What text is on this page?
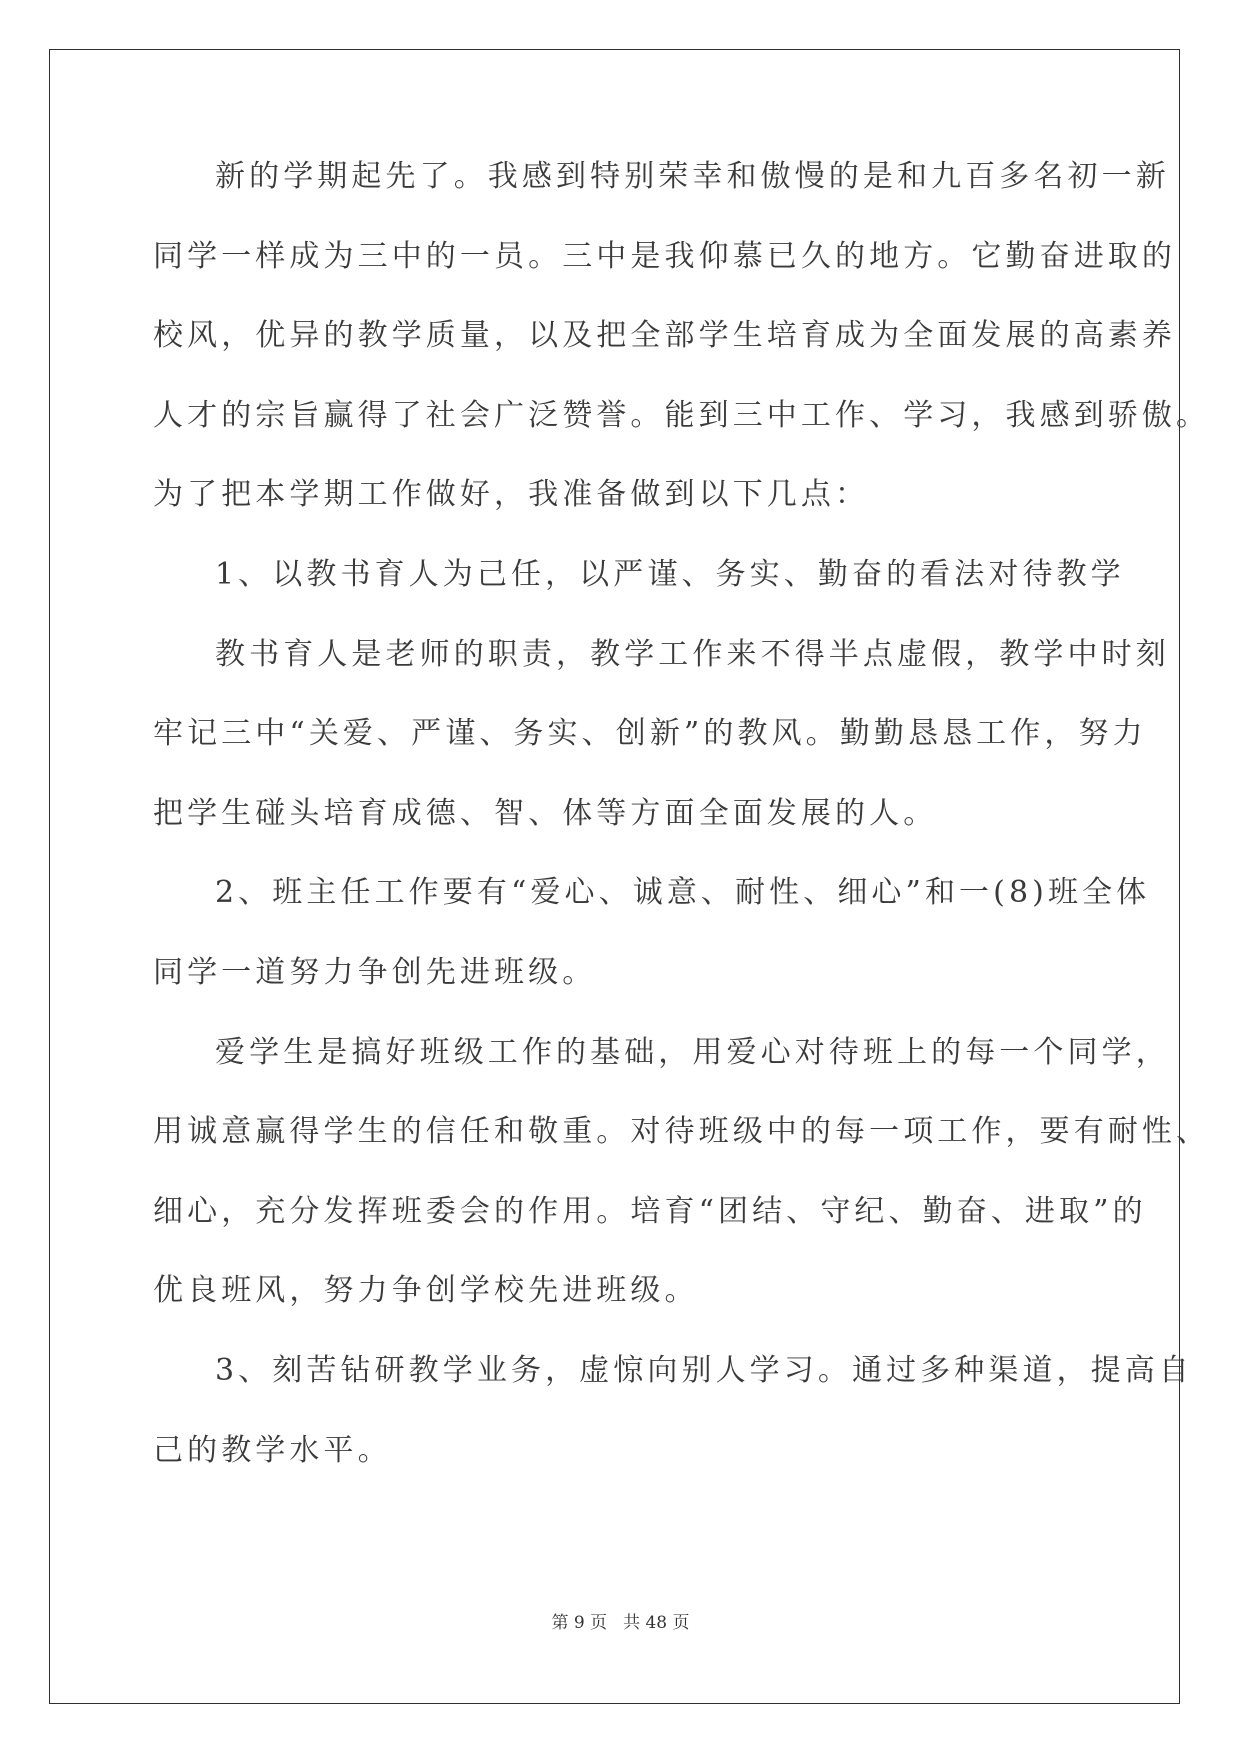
新的学期起先了。我感到特别荣幸和傲慢的是和九百多名初一新
同学一样成为三中的一员。三中是我仰慕已久的地方。它勤奋进取的
校风，优异的教学质量，以及把全部学生培育成为全面发展的高素养
人才的宗旨赢得了社会广泛赞誉。能到三中工作、学习，我感到骄傲。
为了把本学期工作做好，我准备做到以下几点：
1、以教书育人为己任，以严谨、务实、勤奋的看法对待教学
教书育人是老师的职责，教学工作来不得半点虚假，教学中时刻
牢记三中“关爱、严谨、务实、创新”的教风。勤勤恳恳工作，努力
把学生碰头培育成德、智、体等方面全面发展的人。
2、班主任工作要有“爱心、诚意、耐性、细心”和一(8)班全体
同学一道努力争创先进班级。
爱学生是搞好班级工作的基础，用爱心对待班上的每一个同学，
用诚意赢得学生的信任和敬重。对待班级中的每一项工作，要有耐性、
细心，充分发挥班委会的作用。培育“团结、守纪、勤奋、进取”的
优良班风，努力争创学校先进班级。
3、刻苦钻研教学业务，虚惊向别人学习。通过多种渠道，提高自
己的教学水平。
第 9 页 共 48 页
